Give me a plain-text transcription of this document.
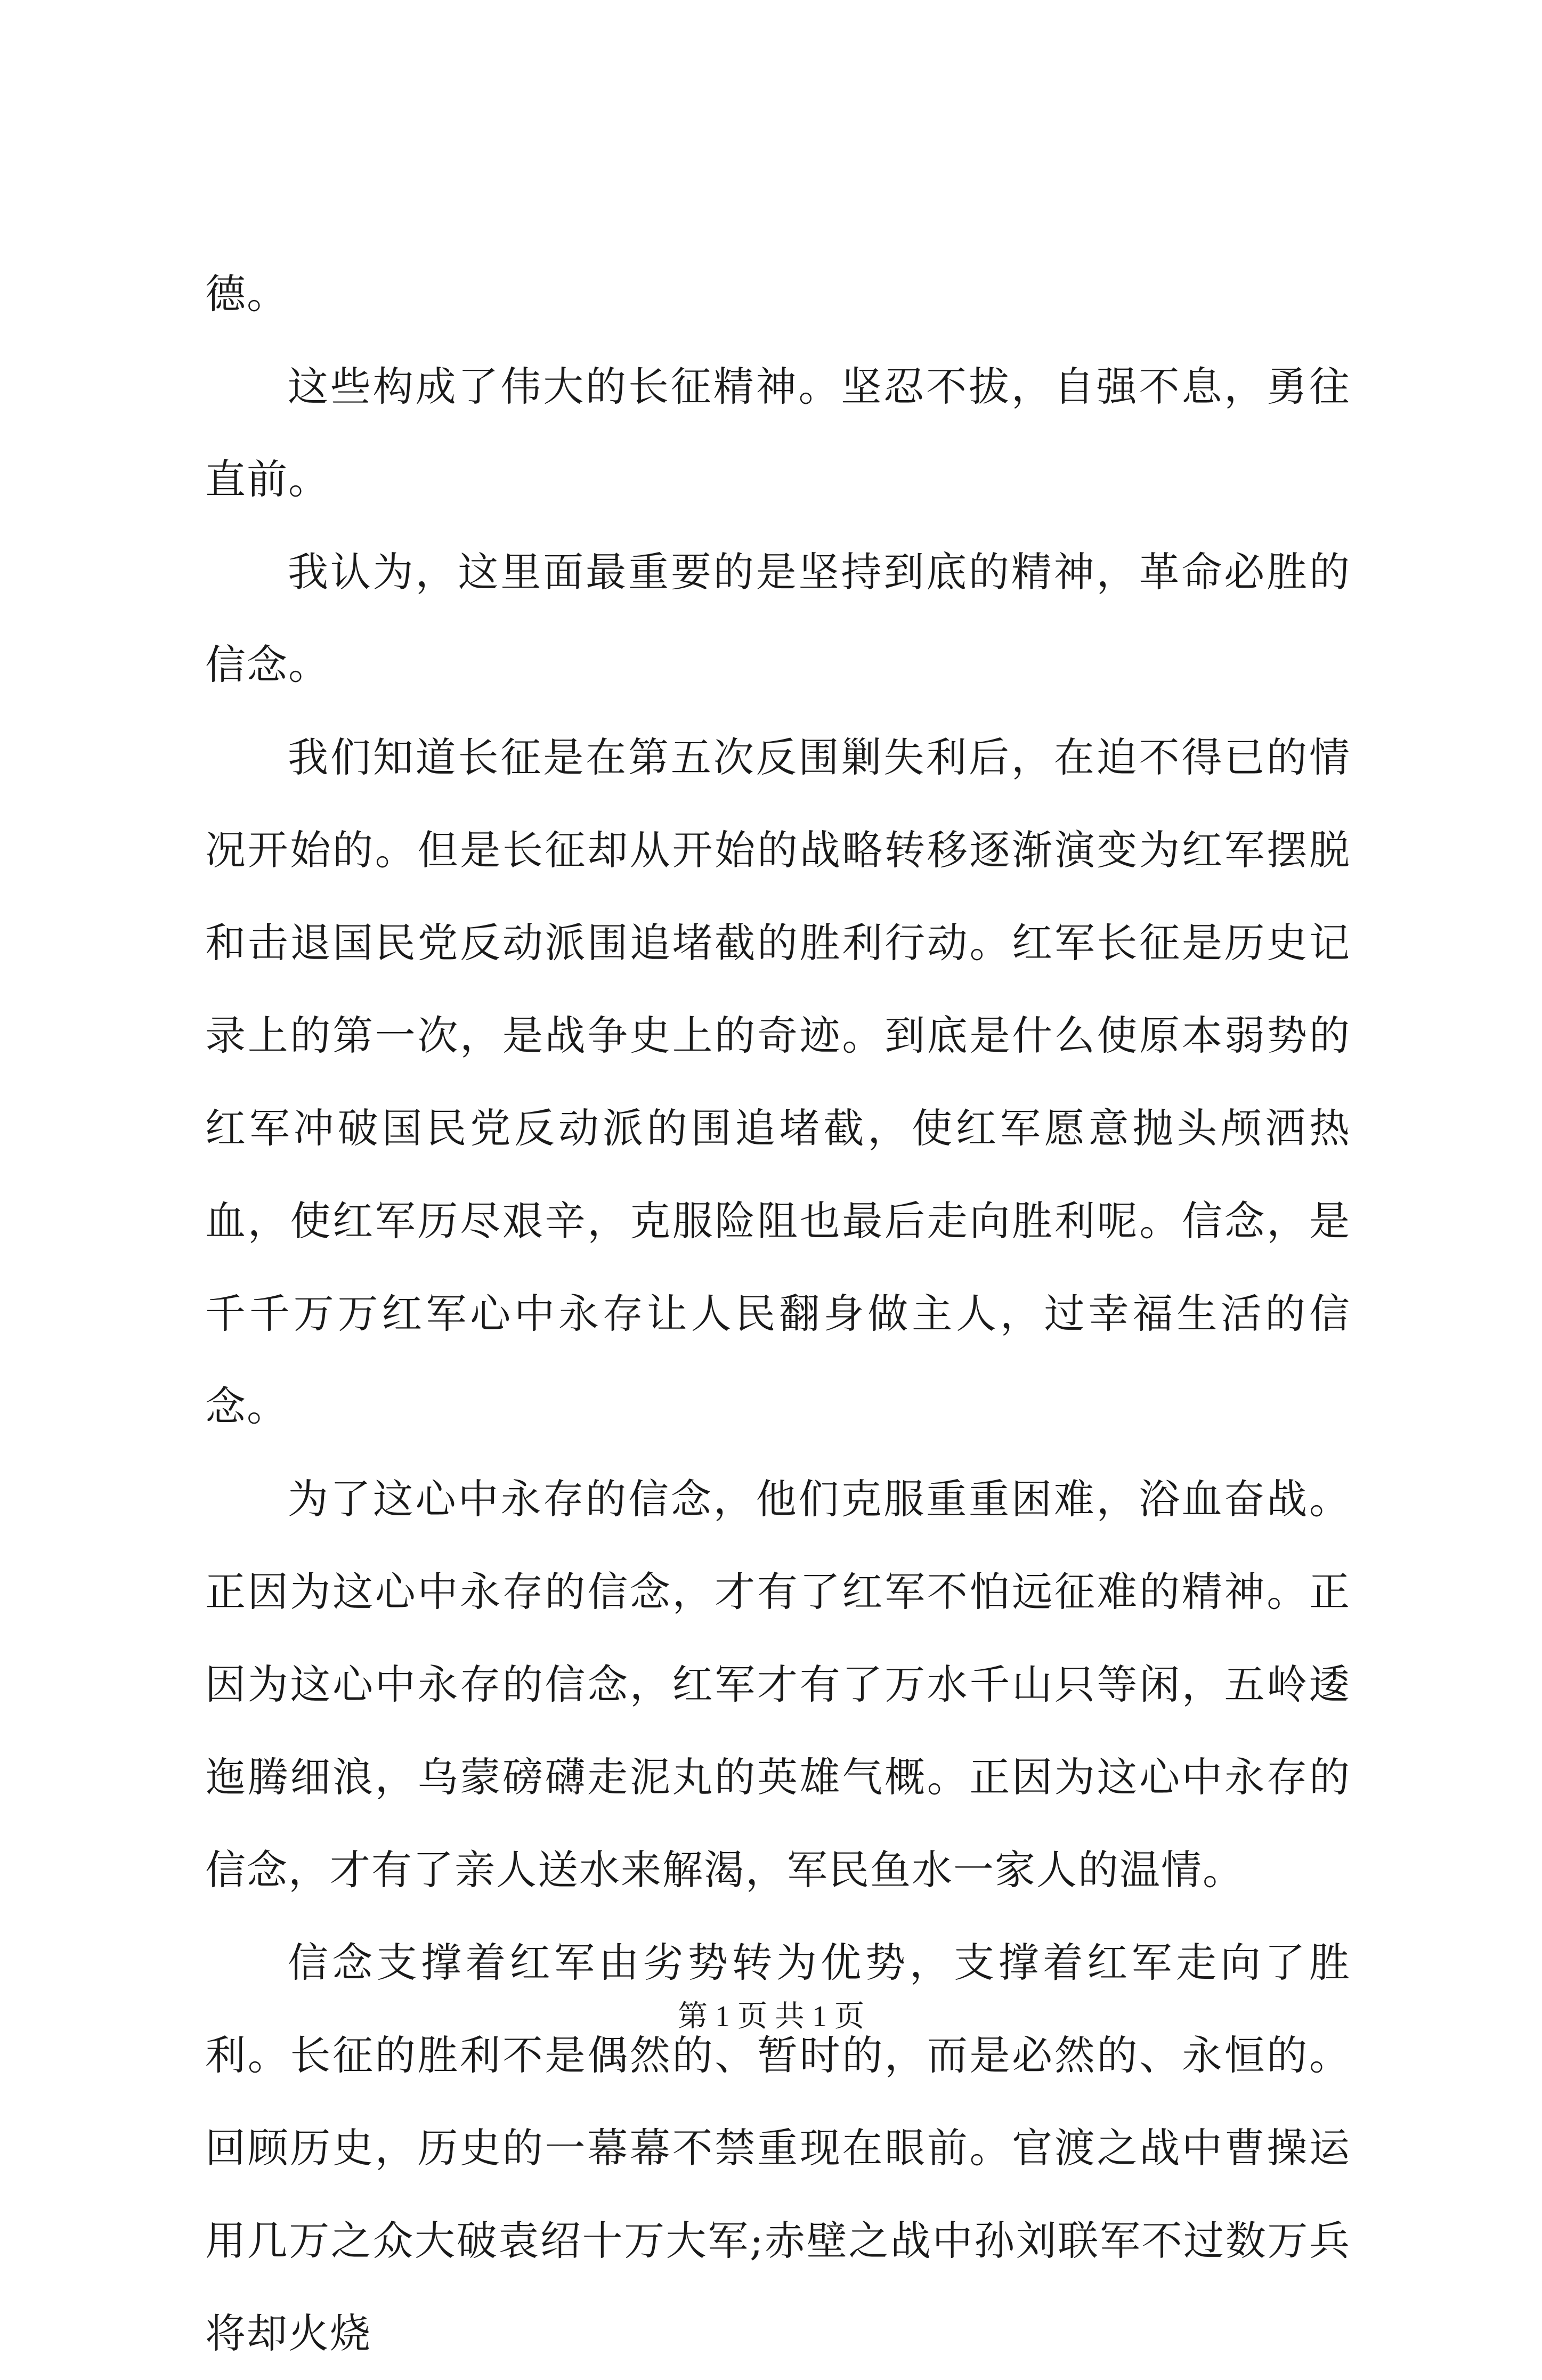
德。

这些构成了伟大的长征精神。坚忍不拔，自强不息，勇往直前。

我认为，这里面最重要的是坚持到底的精神，革命必胜的信念。

我们知道长征是在第五次反围剿失利后，在迫不得已的情况开始的。但是长征却从开始的战略转移逐渐演变为红军摆脱和击退国民党反动派围追堵截的胜利行动。红军长征是历史记录上的第一次，是战争史上的奇迹。到底是什么使原本弱势的红军冲破国民党反动派的围追堵截，使红军愿意抛头颅洒热血，使红军历尽艰辛，克服险阻也最后走向胜利呢。信念，是千千万万红军心中永存让人民翻身做主人，过幸福生活的信念。

为了这心中永存的信念，他们克服重重困难，浴血奋战。正因为这心中永存的信念，才有了红军不怕远征难的精神。正因为这心中永存的信念，红军才有了万水千山只等闲，五岭逶迤腾细浪，乌蒙磅礴走泥丸的英雄气概。正因为这心中永存的信念，才有了亲人送水来解渴，军民鱼水一家人的温情。

信念支撑着红军由劣势转为优势，支撑着红军走向了胜利。长征的胜利不是偶然的、暂时的，而是必然的、永恒的。回顾历史，历史的一幕幕不禁重现在眼前。官渡之战中曹操运用几万之众大破袁绍十万大军;赤壁之战中孙刘联军不过数万兵将却火烧

第 1 页 共 1 页
